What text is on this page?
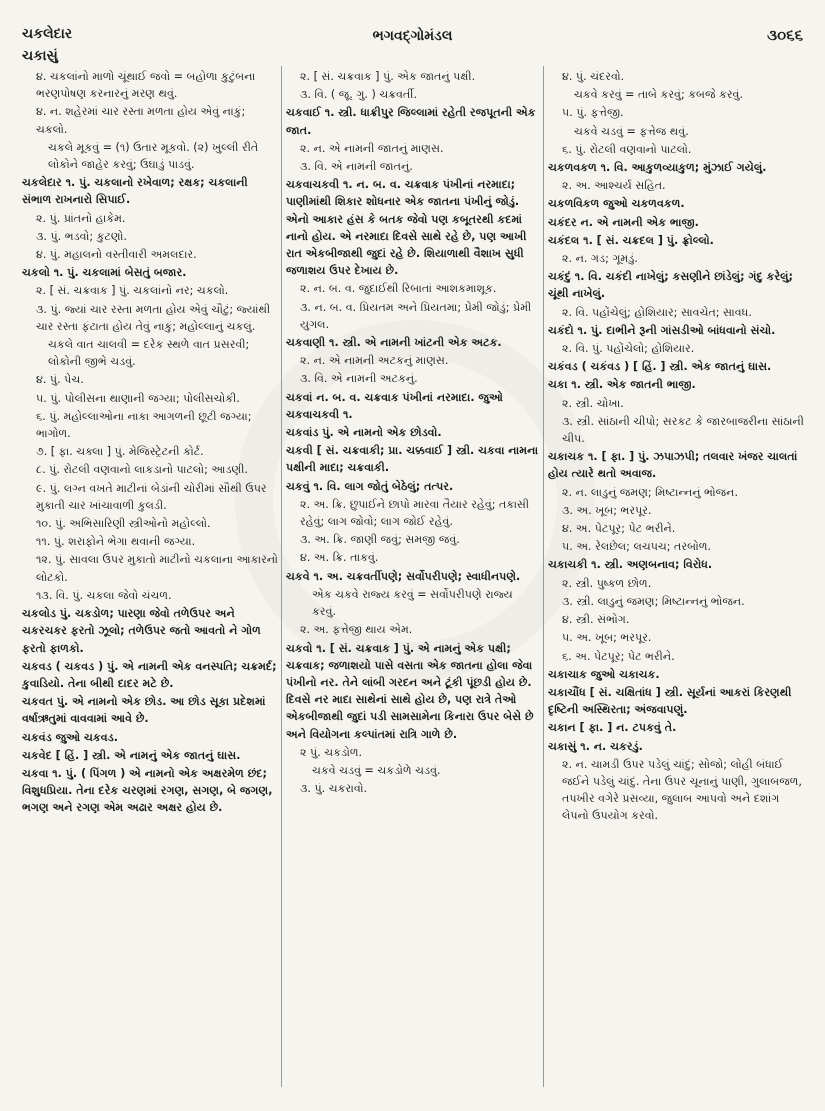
ચકલેદાર
ચકાસું
ભગવદ્ગોમંડલ	૩૦૬૬
૪. ચકલાંનો માળો ચૂંથાઈ જવો = બહોળા કુટુંબના ભરણપોષણ કરનારનું મરણ થવું.
૪. ન. શહેરમાં ચાર રસ્તા મળતા હોય એવું નાકું; ચકલો.
ચકલે મૂકવું = (૧) ઉતાર મૂકવો. (૨) ખુલ્લી રીતે લોકોને જાહેર કરવું; ઉઘાડું પાડવું.
ચકલેદાર ૧. પું. ચકલાનો રખેવાળ; રક્ષક; ચકલાની સંભાળ રાખનારો સિપાઈ.
૨. પું. પ્રાંતનો હાકેમ.
૩. પું. ભડવો; કુટણો.
૪. પું. મહાલનો વસ્તીવારી અમલદાર.
ચકલો ૧. પું. ચકલામાં બેસતું બજાર.
૨. [ સં. ચક્રવાક ] પું. ચકલાંનો નર; ચકલો.
૩. પું. જ્યાં ચાર રસ્તા મળતા હોય એવું ચૌટું; જ્યાંથી ચાર રસ્તા ફંટાતા હોય તેવું નાકું; મહોલ્લાનું ચકલું.
ચકલે વાત ચાલવી = દરેક સ્થળે વાત પ્રસરવી; લોકોની જીભે ચડવું.
૪. પું. પેચ.
૫. પું. પોલીસના થાણાની જગ્યા; પોલીસચોકી.
૬. પું. મહોલ્લાઓના નાકા આગળની છૂટી જગ્યા; ભાગોળ.
૭. [ ફા. ચક્લા ] પું. મેજિસ્ટ્રેટની કોર્ટ.
૮. પું. રોટલી વણવાનો લાકડાનો પાટલો; આડણી.
૯. પું. લગ્ન વખતે માટીનાં બેડાંની ચોરીમાં સૌથી ઉપર મુકાતી ચાર ખાંચાવાળી કુલડી.
૧૦. પું. અભિસારિણી સ્ત્રીઓનો મહોલ્લો.
૧૧. પું. શરાફોને ભેગા થવાની જગ્યા.
૧૨. પું. સાવલા ઉપર મુકાતો માટીનો ચકલાના આકારનો લોટકો.
૧૩. વિ. પું. ચકલા જેવો ચંચળ.
ચકલોડ પું. ચકડોળ; પારણા જેવો તળેઉપર અને ચકરચકર ફરતો ઝૂલો; તળેઉપર જતો આવતો ને ગોળ ફરતો ફાળકો.
ચકવડ ( ચકવડ ) પું. એ નામની એક વનસ્પતિ; ચક્રમર્દ; કુવાડિયો. તેના બીથી દાદર મટે છે.
ચકવત પું. એ નામનો એક છોડ. આ છોડ સૂકા પ્રદેશમાં વર્ષાઋતુમાં વાવવામાં આવે છે.
ચકવંડ જુઓ ચકવડ.
ચકવેદ [ હિં. ] સ્ત્રી. એ નામનું એક જાતનું ઘાસ.
ચકવા ૧. પું. ( પિંગળ ) એ નામનો એક અક્ષરમેળ છંદ; વિશુધપ્રિયા. તેના દરેક ચરણમાં રગણ, સગણ, બે જગણ, ભગણ અને રગણ એમ અઢાર અક્ષર હોય છે.
૨. [ સં. ચક્રવાક ] પું. એક જાતનું પક્ષી.
૩. વિ. ( જૂ. ગુ. ) ચક્રવર્તી.
ચકવાઈ ૧. સ્ત્રી. ધાક્રીપુર જિલ્લામાં રહેતી રજપૂતની એક જાત.
૨. ન. એ નામની જાતનું માણસ.
૩. વિ. એ નામની જાતનું.
ચકવાચકવી ૧. ન. બ. વ. ચક્રવાક પંખીનાં નરમાદા; પાણીમાંથી શિકાર શોધનાર એક જાતના પંખીનું જોડું. એનો આકાર હંસ કે બતક જેવો પણ કબૂતરથી કદમાં નાનો હોય. એ નરમાદા દિવસે સાથે રહે છે, પણ આખી રાત એકબીજાથી જુદાં રહે છે. શિયાળાથી વૈશાખ સુધી જળાશય ઉપર દેખાય છે.
૨. ન. બ. વ. જુદાઈથી રિબાતાં આશકમાશૂક.
૩. ન. બ. વ. પ્રિયતમ અને પ્રિયતમા; પ્રેમી જોડું; પ્રેમી યુગલ.
ચકવાણી ૧. સ્ત્રી. એ નામની ખાંટની એક અટક.
૨. ન. એ નામની અટકનું માણસ.
૩. વિ. એ નામની અટકનું.
ચકવાં ન. બ. વ. ચક્રવાક પંખીનાં નરમાદા. જુઓ ચકવાચકવી ૧.
ચકવાંડ પું. એ નામનો એક છોડવો.
ચકવી [ સં. ચક્રવાકી; પ્રા. ચક્કવાઈ ] સ્ત્રી. ચકવા નામના પક્ષીની માદા; ચક્રવાકી.
ચકવું ૧. વિ. લાગ જોતું બેઠેલું; તત્પર.
૨. અ. ક્રિ. છુપાઈને છાપો મારવા તૈયાર રહેવું; તકાસી રહેવું; લાગ જોવો; લાગ જોઈ રહેવું.
૩. અ. ક્રિ. જાણી જવું; સમજી જવું.
૪. અ. ક્રિ. તાકવું.
ચકવે ૧. અ. ચક્રવર્તીપણે; સર્વોપરીપણે; સ્વાધીનપણે.
એક ચકવે રાજ્ય કરવું = સર્વોપરીપણે રાજ્ય કરવું.
૨. અ. ફત્તેજી થાય એમ.
ચકવો ૧. [ સં. ચક્રવાક ] પું. એ નામનું એક પક્ષી; ચક્રવાક; જળાશયો પાસે વસતા એક જાતના હોલા જેવા પંખીનો નર. તેને લાંબી ગરદન અને ટૂંકી પૂંછડી હોય છે. દિવસે નર માદા સાથેનાં સાથે હોય છે, પણ રાત્રે તેઓ એકબીજાથી જુદાં પડી સામસામેના કિનારા ઉપર બેસે છે અને વિયોગના કલ્પાંતમાં રાત્રિ ગાળે છે.
૨ પું. ચકડોળ.
ચકવે ચડવું = ચકડોળે ચડવું.
૩. પું. ચકરાવો.
૪. પું. ચંદરવો.
ચકવે કરવું = તાબે કરવું; કબજે કરવું.
૫. પું. ફત્તેજી.
ચકવે ચડવું = ફત્તેજ થવું.
૬. પું. રોટલી વણવાનો પાટલો.
ચકળવકળ ૧. વિ. આકુળવ્યાકુળ; મુંઝાઈ ગયેલું.
૨. અ. આશ્ચર્ય સહિત.
ચકળવિકળ જુઓ ચકળવકળ.
ચકંદર ન. એ નામની એક ભાજી.
ચકંદલ ૧. [ સં. ચક્રદલ ] પું. ફ્રોલ્લો.
૨. ન. ગડ; ગૂમડું.
ચકંદું ૧. વિ. ચકંદી નાખેલું; કસણીને છાંડેલું; ગંદુ કરેલું; ચૂંથી નાખેલું.
૨. વિ. પહોંચેલું; હોશિયાર; સાવચેત; સાવધ.
ચકંદો ૧. પું. દાભીને રૂની ગાંસડીઓ બાંધવાનો સંચો.
૨. વિ. પું. પહોંચેલો; હોશિયાર.
ચકંવડ ( ચકંવડ ) [ હિં. ] સ્ત્રી. એક જાતનું ઘાસ.
ચકા ૧. સ્ત્રી. એક જાતની ભાજી.
૨. સ્ત્રી. ચોખા.
૩. સ્ત્રી. સાંઠાની ચીપો; સરકટ કે જારબાજરીના સાંઠાની ચીપ.
ચકાચક ૧. [ ફા. ] પું. ઝપાઝપી; તલવાર ખંજર ચાલતાં હોય ત્યારે થતો અવાજ.
૨. ન. લાડુનું જમણ; મિષ્ટાન્નનું ભોજન.
૩. અ. ખૂબ; ભરપૂર.
૪. અ. પેટપૂર; પેટ ભરીને.
૫. અ. રેલછેલ; લચપચ; તરબોળ.
ચકાચકી ૧. સ્ત્રી. અણબનાવ; વિરોધ.
૨. સ્ત્રી. પુષ્કળ છોળ.
૩. સ્ત્રી. લાડુનું જમણ; મિષ્ટાન્નનું ભોજન.
૪. સ્ત્રી. સંભોગ.
૫. અ. ખૂબ; ભરપૂર.
૬. અ. પેટપૂર; પેટ ભરીને.
ચકાચાક જુઓ ચકાચક.
ચકાચૌંધ [ સં. ચક્ષિતાંધ ] સ્ત્રી. સૂર્યનાં આકરાં કિરણથી દૃષ્ટિની અસ્થિરતા; અંજવાપણું.
ચકાન [ ફા. ] ન. ટપકવું તે.
ચકાસું ૧. ન. ચકરડું.
૨. ન. ચામડી ઉપર પડેલું ચાંદું; સોજો; લોહી બંધાઈ જઈને પડેલું ચાંદું. તેના ઉપર ચૂનાનું પાણી, ગુલાબજળ, તપખીર વગેરે પ્રસવ્યા, જુલાબ આપવો અને દશાંગ લેપનો ઉપયોગ કરવો.
